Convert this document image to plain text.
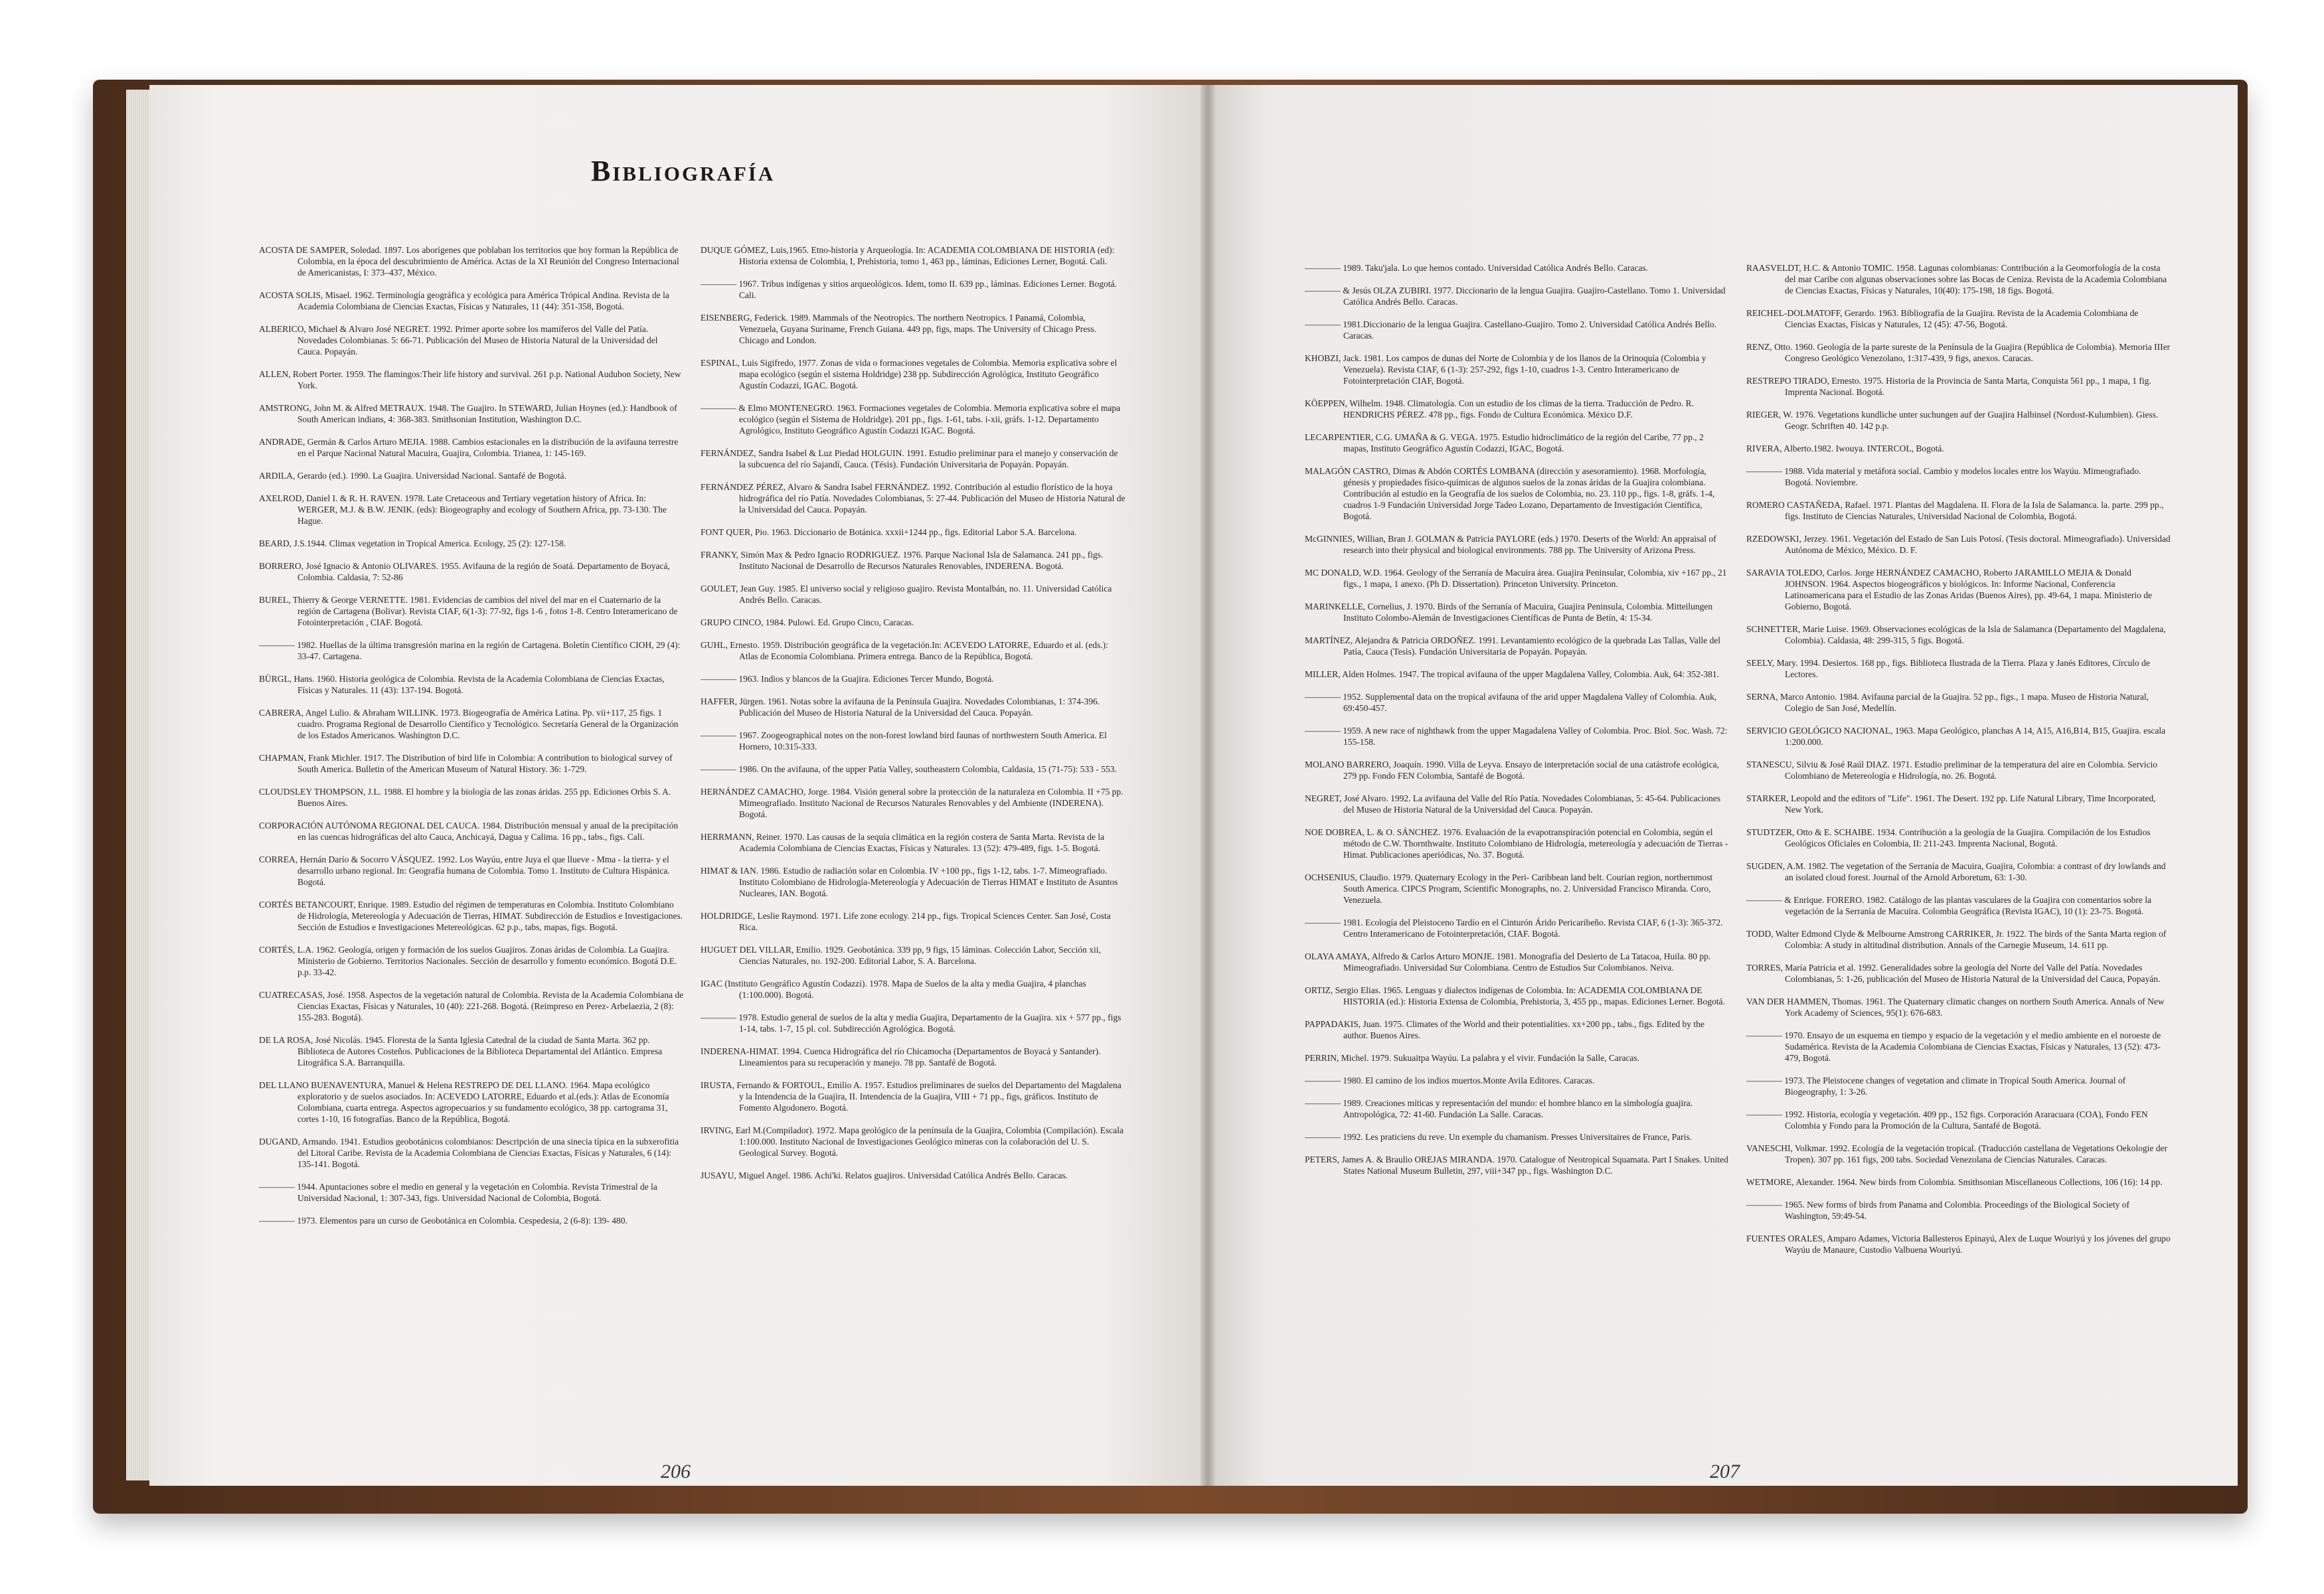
Bibliografía

ACOSTA DE SAMPER, Soledad. 1897. Los aborígenes que poblaban los territorios que hoy forman la República de Colombia, en la época del descubrimiento de América. Actas de la XI Reunión del Congreso Internacional de Americanistas, I: 373–437, México.

ACOSTA SOLIS, Misael. 1962. Terminología geográfica y ecológica para América Trópical Andina. Revista de la Academia Colombiana de Ciencias Exactas, Físicas y Naturales, 11 (44): 351-358, Bogotá.

ALBERICO, Michael & Alvaro José NEGRET. 1992. Primer aporte sobre los mamíferos del Valle del Patía. Novedades Colombianas. 5: 66-71. Publicación del Museo de Historia Natural de la Universidad del Cauca. Popayán.

ALLEN, Robert Porter. 1959. The flamingos:Their life history and survival. 261 p.p. National Audubon Society, New York.

AMSTRONG, John M. & Alfred METRAUX. 1948. The Guajiro. In STEWARD, Julian Hoynes (ed.): Handbook of South American indians, 4: 368-383. Smithsonian Institution, Washington D.C.

ANDRADE, Germán & Carlos Arturo MEJIA. 1988. Cambios estacionales en la distribución de la avifauna terrestre en el Parque Nacional Natural Macuira, Guajira, Colombia. Trianea, 1: 145-169.

ARDILA, Gerardo (ed.). 1990. La Guajira. Universidad Nacional. Santafé de Bogotá.

AXELROD, Daniel I. & R. H. RAVEN. 1978. Late Cretaceous and Tertiary vegetation history of Africa. In: WERGER, M.J. & B.W. JENIK. (eds): Biogeography and ecology of Southern Africa, pp. 73-130. The Hague.

BEARD, J.S.1944. Climax vegetation in Tropical America. Ecology, 25 (2): 127-158.

BORRERO, José Ignacio & Antonio OLIVARES. 1955. Avifauna de la región de Soatá. Departamento de Boyacá, Colombia. Caldasia, 7: 52-86

BUREL, Thierry & George VERNETTE. 1981. Evidencias de cambios del nivel del mar en el Cuaternario de la región de Cartagena (Bolivar). Revista CIAF, 6(1-3): 77-92, figs 1-6 , fotos 1-8. Centro Interamericano de Fotointerpretación , CIAF. Bogotá.

———— 1982. Huellas de la última transgresión marina en la región de Cartagena. Boletín Científico CIOH, 29 (4): 33-47. Cartagena.

BÜRGL, Hans. 1960. Historia geológica de Colombia. Revista de la Academia Colombiana de Ciencias Exactas, Físicas y Naturales. 11 (43): 137-194. Bogotá.

CABRERA, Angel Lulio. & Abraham WILLINK. 1973. Biogeografía de América Latina. Pp. vii+117, 25 figs. 1 cuadro. Programa Regional de Desarrollo Científico y Tecnológico. Secretaría General de la Organización de los Estados Americanos. Washington D.C.

CHAPMAN, Frank Michler. 1917. The Distribution of bird life in Colombia: A contribution to biological survey of South America. Bulletin of the American Museum of Natural History. 36: 1-729.

CLOUDSLEY THOMPSON, J.L. 1988. El hombre y la biología de las zonas áridas. 255 pp. Ediciones Orbis S. A. Buenos Aires.

CORPORACIÓN AUTÓNOMA REGIONAL DEL CAUCA. 1984. Distribución mensual y anual de la precipitación en las cuencas hidrográficas del alto Cauca, Anchicayá, Dagua y Calima. 16 pp., tabs., figs. Cali.

CORREA, Hernán Darío & Socorro VÁSQUEZ. 1992. Los Wayúu, entre Juya el que llueve - Mma - la tierra- y el desarrollo urbano regional. In: Geografía humana de Colombia. Tomo 1. Instituto de Cultura Hispánica. Bogotá.

CORTÉS BETANCOURT, Enrique. 1989. Estudio del régimen de temperaturas en Colombia. Instituto Colombiano de Hidrología, Metereología y Adecuación de Tierras, HIMAT. Subdirección de Estudios e Investigaciones. Sección de Estudios e Investigaciones Metereológicas. 62 p.p., tabs, mapas, figs. Bogotá.

CORTÉS, L.A. 1962. Geología, origen y formación de los suelos Guajiros. Zonas áridas de Colombia. La Guajira. Ministerio de Gobierno. Territorios Nacionales. Sección de desarrollo y fomento económico. Bogotá D.E. p.p. 33-42.

CUATRECASAS, José. 1958. Aspectos de la vegetación natural de Colombia. Revista de la Academia Colombiana de Ciencias Exactas, Físicas y Naturales, 10 (40): 221-268. Bogotá. (Reimpreso en Perez- Arbelaezia, 2 (8): 155-283. Bogotá).

DE LA ROSA, José Nicolás. 1945. Floresta de la Santa Iglesia Catedral de la ciudad de Santa Marta. 362 pp. Biblioteca de Autores Costeños. Publicaciones de la Biblioteca Departamental del Atlántico. Empresa Litográfica S.A. Barranquilla.

DEL LLANO BUENAVENTURA, Manuel & Helena RESTREPO DE DEL LLANO. 1964. Mapa ecológico exploratorio y de suelos asociados. In: ACEVEDO LATORRE, Eduardo et al.(eds.): Atlas de Economía Colombiana, cuarta entrega. Aspectos agropecuarios y su fundamento ecológico, 38 pp. cartograma 31, cortes 1-10, 16 fotografías. Banco de la República, Bogotá.

DUGAND, Armando. 1941. Estudios geobotánicos colombianos: Descripción de una sinecia típica en la subxerofitia del Litoral Caribe. Revista de la Academia Colombiana de Ciencias Exactas, Físicas y Naturales, 6 (14): 135-141. Bogotá.

———— 1944. Apuntaciones sobre el medio en general y la vegetación en Colombia. Revista Trimestral de la Universidad Nacional, 1: 307-343, figs. Universidad Nacional de Colombia, Bogotá.

———— 1973. Elementos para un curso de Geobotánica en Colombia. Cespedesia, 2 (6-8): 139- 480.

DUQUE GÓMEZ, Luis,1965. Etno-historia y Arqueología. In: ACADEMIA COLOMBIANA DE HISTORIA (ed): Historia extensa de Colombia, I, Prehistoria, tomo 1, 463 pp., láminas, Ediciones Lerner, Bogotá. Cali.

———— 1967. Tribus indígenas y sitios arqueológicos. Idem, tomo II. 639 pp., láminas. Ediciones Lerner. Bogotá. Cali.

EISENBERG, Federick. 1989. Mammals of the Neotropics. The northern Neotropics. I Panamá, Colombia, Venezuela, Guyana Suriname, French Guiana. 449 pp, figs, maps. The University of Chicago Press. Chicago and London.

ESPINAL, Luis Sigifredo, 1977. Zonas de vida o formaciones vegetales de Colombia. Memoria explicativa sobre el mapa ecológico (según el sistema Holdridge) 238 pp. Subdirección Agrológica, Instituto Geográfico Agustín Codazzi, IGAC. Bogotá.

———— & Elmo MONTENEGRO. 1963. Formaciones vegetales de Colombia. Memoria explicativa sobre el mapa ecológico (según el Sistema de Holdridge). 201 pp., figs. 1-61, tabs. i-xii, gráfs. 1-12. Departamento Agrológico, Instituto Geográfico Agustín Codazzi IGAC. Bogotá.

FERNÁNDEZ, Sandra Isabel & Luz Piedad HOLGUIN. 1991. Estudio preliminar para el manejo y conservación de la subcuenca del río Sajandí, Cauca. (Tésis). Fundación Universitaria de Popayán. Popayán.

FERNÁNDEZ PÉREZ, Alvaro & Sandra Isabel FERNÁNDEZ. 1992. Contribución al estudio florístico de la hoya hidrográfica del río Patía. Novedades Colombianas, 5: 27-44. Publicación del Museo de Historia Natural de la Universidad del Cauca. Popayán.

FONT QUER, Pio. 1963. Diccionario de Botánica. xxxii+1244 pp., figs. Editorial Labor S.A. Barcelona.

FRANKY, Simón Max & Pedro Ignacio RODRIGUEZ. 1976. Parque Nacional Isla de Salamanca. 241 pp., figs. Instituto Nacional de Desarrollo de Recursos Naturales Renovables, INDERENA. Bogotá.

GOULET, Jean Guy. 1985. El universo social y religioso guajiro. Revista Montalbán, no. 11. Universidad Católica Andrés Bello. Caracas.

GRUPO CINCO, 1984. Pulowi. Ed. Grupo Cinco, Caracas.

GUHL, Ernesto. 1959. Distribución geográfica de la vegetación.In: ACEVEDO LATORRE, Eduardo et al. (eds.): Atlas de Economía Colombiana. Primera entrega. Banco de la República, Bogotá.

———— 1963. Indios y blancos de la Guajira. Ediciones Tercer Mundo, Bogotá.

HAFFER, Jürgen. 1961. Notas sobre la avifauna de la Península Guajira. Novedades Colombianas, 1: 374-396. Publicación del Museo de Historia Natural de la Universidad del Cauca. Popayán.

———— 1967. Zoogeographical notes on the non-forest lowland bird faunas of northwestern South America. El Hornero, 10:315-333.

———— 1986. On the avifauna, of the upper Patía Valley, southeastern Colombia, Caldasia, 15 (71-75): 533 - 553.

HERNÁNDEZ CAMACHO, Jorge. 1984. Visión general sobre la protección de la naturaleza en Colombia. II +75 pp. Mimeografiado. Instituto Nacional de Recursos Naturales Renovables y del Ambiente (INDERENA). Bogotá.

HERRMANN, Reiner. 1970. Las causas de la sequía climática en la región costera de Santa Marta. Revista de la Academia Colombiana de Ciencias Exactas, Físicas y Naturales. 13 (52): 479-489, figs. 1-5. Bogotá.

HIMAT & IAN. 1986. Estudio de radiación solar en Colombia. IV +100 pp., figs 1-12, tabs. 1-7. Mimeografiado. Instituto Colombiano de Hidrología-Metereología y Adecuación de Tierras HIMAT e Instituto de Asuntos Nucleares, IAN. Bogotá.

HOLDRIDGE, Leslie Raymond. 1971. Life zone ecology. 214 pp., figs. Tropical Sciences Center. San José, Costa Rica.

HUGUET DEL VILLAR, Emilio. 1929. Geobotánica. 339 pp, 9 figs, 15 láminas. Colección Labor, Sección xii, Ciencias Naturales, no. 192-200. Editorial Labor, S. A. Barcelona.

IGAC (Instituto Geográfico Agustín Codazzi). 1978. Mapa de Suelos de la alta y media Guajira, 4 planchas (1:100.000). Bogotá.

———— 1978. Estudio general de suelos de la alta y media Guajira, Departamento de la Guajira. xix + 577 pp., figs 1-14, tabs. 1-7, 15 pl. col. Subdirección Agrológica. Bogotá.

INDERENA-HIMAT. 1994. Cuenca Hidrográfica del río Chicamocha (Departamentos de Boyacá y Santander). Lineamientos para su recuperación y manejo. 78 pp. Santafé de Bogotá.

IRUSTA, Fernando & FORTOUL, Emilio A. 1957. Estudios preliminares de suelos del Departamento del Magdalena y la Intendencia de la Guajira, II. Intendencia de la Guajira, VIII + 71 pp., figs, gráficos. Instituto de Fomento Algodonero. Bogotá.

IRVING, Earl M.(Compilador). 1972. Mapa geológico de la península de la Guajira, Colombia (Compilación). Escala 1:100.000. Instituto Nacional de Investigaciones Geológico mineras con la colaboración del U. S. Geological Survey. Bogotá.

JUSAYU, Miguel Angel. 1986. Achi'ki. Relatos guajiros. Universidad Católica Andrés Bello. Caracas.

———— 1989. Taku'jala. Lo que hemos contado. Universidad Católica Andrés Bello. Caracas.

———— & Jesús OLZA ZUBIRI. 1977. Diccionario de la lengua Guajira. Guajiro-Castellano. Tomo 1. Universidad Católica Andrés Bello. Caracas.

———— 1981.Diccionario de la lengua Guajira. Castellano-Guajiro. Tomo 2. Universidad Católica Andrés Bello. Caracas.

KHOBZI, Jack. 1981. Los campos de dunas del Norte de Colombia y de los llanos de la Orinoquía (Colombia y Venezuela). Revista CIAF, 6 (1-3): 257-292, figs 1-10, cuadros 1-3. Centro Interamericano de Fotointerpretación CIAF, Bogotá.

KÖEPPEN, Wilhelm. 1948. Climatología. Con un estudio de los climas de la tierra. Traducción de Pedro. R. HENDRICHS PÉREZ. 478 pp., figs. Fondo de Cultura Económica. México D.F.

LECARPENTIER, C.G. UMAÑA & G. VEGA. 1975. Estudio hidroclimático de la región del Caribe, 77 pp., 2 mapas, Instituto Geográfico Agustín Codazzi, IGAC, Bogotá.

MALAGÓN CASTRO, Dimas & Abdón CORTÉS LOMBANA (dirección y asesoramiento). 1968. Morfología, génesis y propiedades físico-químicas de algunos suelos de la zonas áridas de la Guajira colombiana. Contribución al estudio en la Geografía de los suelos de Colombia, no. 23. 110 pp., figs. 1-8, gráfs. 1-4, cuadros 1-9 Fundación Universidad Jorge Tadeo Lozano, Departamento de Investigación Científica, Bogotá.

McGINNIES, Willian, Bran J. GOLMAN & Patricia PAYLORE (eds.) 1970. Deserts of the World: An appraisal of research into their physical and biological environments. 788 pp. The University of Arizona Press.

MC DONALD, W.D. 1964. Geology of the Serranía de Macuira área. Guajira Peninsular, Colombia, xiv +167 pp., 21 figs., 1 mapa, 1 anexo. (Ph D. Dissertation). Princeton University. Princeton.

MARINKELLE, Cornelius, J. 1970. Birds of the Serranía of Macuira, Guajira Peninsula, Colombia. Mitteilungen Instituto Colombo-Alemán de Investigaciones Científicas de Punta de Betín, 4: 15-34.

MARTÍNEZ, Alejandra & Patricia ORDOÑEZ. 1991. Levantamiento ecológico de la quebrada Las Tallas, Valle del Patía, Cauca (Tesis). Fundación Universitaria de Popayán. Popayán.

MILLER, Alden Holmes. 1947. The tropical avifauna of the upper Magdalena Valley, Colombia. Auk, 64: 352-381.

———— 1952. Supplemental data on the tropical avifauna of the arid upper Magdalena Valley of Colombia. Auk, 69:450-457.

———— 1959. A new race of nighthawk from the upper Magadalena Valley of Colombia. Proc. Biol. Soc. Wash. 72: 155-158.

MOLANO BARRERO, Joaquín. 1990. Villa de Leyva. Ensayo de interpretación social de una catástrofe ecológica, 279 pp. Fondo FEN Colombia, Santafé de Bogotá.

NEGRET, José Alvaro. 1992. La avifauna del Valle del Río Patía. Novedades Colombianas, 5: 45-64. Publicaciones del Museo de Historia Natural de la Universidad del Cauca. Popayán.

NOE DOBREA, L. & O. SÁNCHEZ. 1976. Evaluación de la evapotranspiración potencial en Colombia, según el método de C.W. Thornthwaite. Instituto Colombiano de Hidrología, metereología y adecuación de Tierras - Himat. Publicaciones aperiódicas, No. 37. Bogotá.

OCHSENIUS, Claudio. 1979. Quaternary Ecology in the Peri- Caribbean land belt. Courian region, northernmost South America. CIPCS Program, Scientific Monographs, no. 2. Universidad Francisco Miranda. Coro, Venezuela.

———— 1981. Ecología del Pleistoceno Tardío en el Cinturón Árido Pericaribeño. Revista CIAF, 6 (1-3): 365-372. Centro Interamericano de Fotointerpretación, CIAF. Bogotá.

OLAYA AMAYA, Alfredo & Carlos Arturo MONJE. 1981. Monografía del Desierto de La Tatacoa, Huila. 80 pp. Mimeografiado. Universidad Sur Colombiana. Centro de Estudios Sur Colombianos. Neiva.

ORTIZ, Sergio Elias. 1965. Lenguas y dialectos indígenas de Colombia. In: ACADEMIA COLOMBIANA DE HISTORIA (ed.): Historia Extensa de Colombia, Prehistoria, 3, 455 pp., mapas. Ediciones Lerner. Bogotá.

PAPPADAKIS, Juan. 1975. Climates of the World and their potentialities. xx+200 pp., tabs., figs. Edited by the author. Buenos Aires.

PERRIN, Michel. 1979. Sukuaitpa Wayúu. La palabra y el vivir. Fundación la Salle, Caracas.

———— 1980. El camino de los indios muertos.Monte Avila Editores. Caracas.

———— 1989. Creaciones míticas y representación del mundo: el hombre blanco en la simbología guajira. Antropológica, 72: 41-60. Fundación La Salle. Caracas.

———— 1992. Les praticiens du reve. Un exemple du chamanism. Presses Universitaires de France, Paris.

PETERS, James A. & Braulio OREJAS MIRANDA. 1970. Catalogue of Neotropical Squamata. Part I Snakes. United States National Museum Bulletin, 297, viii+347 pp., figs. Washington D.C.

RAASVELDT, H.C. & Antonio TOMIC. 1958. Lagunas colombianas: Contribución a la Geomorfología de la costa del mar Caribe con algunas observaciones sobre las Bocas de Ceniza. Revista de la Academia Colombiana de Ciencias Exactas, Físicas y Naturales, 10(40): 175-198, 18 figs. Bogotá.

REICHEL-DOLMATOFF, Gerardo. 1963. Bibliografía de la Guajira. Revista de la Academia Colombiana de Ciencias Exactas, Físicas y Naturales, 12 (45): 47-56, Bogotá.

RENZ, Otto. 1960. Geología de la parte sureste de la Península de la Guajira (República de Colombia). Memoria IIIer Congreso Geológico Venezolano, 1:317-439, 9 figs, anexos. Caracas.

RESTREPO TIRADO, Ernesto. 1975. Historia de la Provincia de Santa Marta, Conquista 561 pp., 1 mapa, 1 fig. Imprenta Nacional. Bogotá.

RIEGER, W. 1976. Vegetations kundliche unter suchungen auf der Guajira Halbinsel (Nordost-Kulumbien). Giess. Geogr. Schriften 40. 142 p.p.

RIVERA, Alberto.1982. Iwouya. INTERCOL, Bogotá.

———— 1988. Vida material y metáfora social. Cambio y modelos locales entre los Wayúu. Mimeografiado. Bogotá. Noviembre.

ROMERO CASTAÑEDA, Rafael. 1971. Plantas del Magdalena. II. Flora de la Isla de Salamanca. la. parte. 299 pp., figs. Instituto de Ciencias Naturales, Universidad Nacional de Colombia, Bogotá.

RZEDOWSKI, Jerzey. 1961. Vegetación del Estado de San Luis Potosí. (Tesis doctoral. Mimeografiado). Universidad Autónoma de México, México. D. F.

SARAVIA TOLEDO, Carlos. Jorge HERNÁNDEZ CAMACHO, Roberto JARAMILLO MEJIA & Donald JOHNSON. 1964. Aspectos biogeográficos y biológicos. In: Informe Nacional, Conferencia Latinoamericana para el Estudio de las Zonas Aridas (Buenos Aires), pp. 49-64, 1 mapa. Ministerio de Gobierno, Bogotá.

SCHNETTER, Marie Luise. 1969. Observaciones ecológicas de la Isla de Salamanca (Departamento del Magdalena, Colombia). Caldasia, 48: 299-315, 5 figs. Bogotá.

SEELY, Mary. 1994. Desiertos. 168 pp., figs. Biblioteca Ilustrada de la Tierra. Plaza y Janés Editores, Círculo de Lectores.

SERNA, Marco Antonio. 1984. Avifauna parcial de la Guajira. 52 pp., figs., 1 mapa. Museo de Historia Natural, Colegio de San José, Medellín.

SERVICIO GEOLÓGICO NACIONAL, 1963. Mapa Geológico, planchas A 14, A15, A16,B14, B15, Guajira. escala 1:200.000.

STANESCU, Silviu & José Raúl DIAZ. 1971. Estudio preliminar de la temperatura del aire en Colombia. Servicio Colombiano de Metereología e Hidrología, no. 26. Bogotá.

STARKER, Leopold and the editors of "Life". 1961. The Desert. 192 pp. Life Natural Library, Time Incorporated, New York.

STUDTZER, Otto & E. SCHAIBE. 1934. Contribución a la geología de la Guajira. Compilación de los Estudios Geológicos Oficiales en Colombia, II: 211-243. Imprenta Nacional, Bogotá.

SUGDEN, A.M. 1982. The vegetation of the Serranía de Macuira, Guajira, Colombia: a contrast of dry lowlands and an isolated cloud forest. Journal of the Arnold Arboretum, 63: 1-30.

———— & Enrique. FORERO. 1982. Catálogo de las plantas vasculares de la Guajira con comentarios sobre la vegetación de la Serranía de Macuira. Colombia Geográfica (Revista IGAC), 10 (1): 23-75. Bogotá.

TODD, Walter Edmond Clyde & Melbourne Amstrong CARRIKER, Jr. 1922. The birds of the Santa Marta region of Colombia: A study in altitudinal distribution. Annals of the Carnegie Museum, 14. 611 pp.

TORRES, María Patricia et al. 1992. Generalidades sobre la geología del Norte del Valle del Patía. Novedades Colombianas, 5: 1-26, publicación del Museo de Historia Natural de la Universidad del Cauca, Popayán.

VAN DER HAMMEN, Thomas. 1961. The Quaternary climatic changes on northern South America. Annals of New York Academy of Sciences, 95(1): 676-683.

———— 1970. Ensayo de un esquema en tiempo y espacio de la vegetación y el medio ambiente en el noroeste de Sudamérica. Revista de la Academia Colombiana de Ciencias Exactas, Físicas y Naturales, 13 (52): 473- 479, Bogotá.

———— 1973. The Pleistocene changes of vegetation and climate in Tropical South America. Journal of Biogeography, 1: 3-26.

———— 1992. Historia, ecología y vegetación. 409 pp., 152 figs. Corporación Araracuara (COA), Fondo FEN Colombia y Fondo para la Promoción de la Cultura, Santafé de Bogotá.

VANESCHI, Volkmar. 1992. Ecología de la vegetación tropical. (Traducción castellana de Vegetations Oekologie der Tropen). 307 pp. 161 figs, 200 tabs. Sociedad Venezolana de Ciencias Naturales. Caracas.

WETMORE, Alexander. 1964. New birds from Colombia. Smithsonian Miscellaneous Collections, 106 (16): 14 pp.

———— 1965. New forms of birds from Panama and Colombia. Proceedings of the Biological Society of Washington, 59:49-54.

FUENTES ORALES, Amparo Adames, Victoria Ballesteros Epinayú, Alex de Luque Wouriyú y los jóvenes del grupo Wayúu de Manaure, Custodio Valbuena Wouriyú.

206	207
